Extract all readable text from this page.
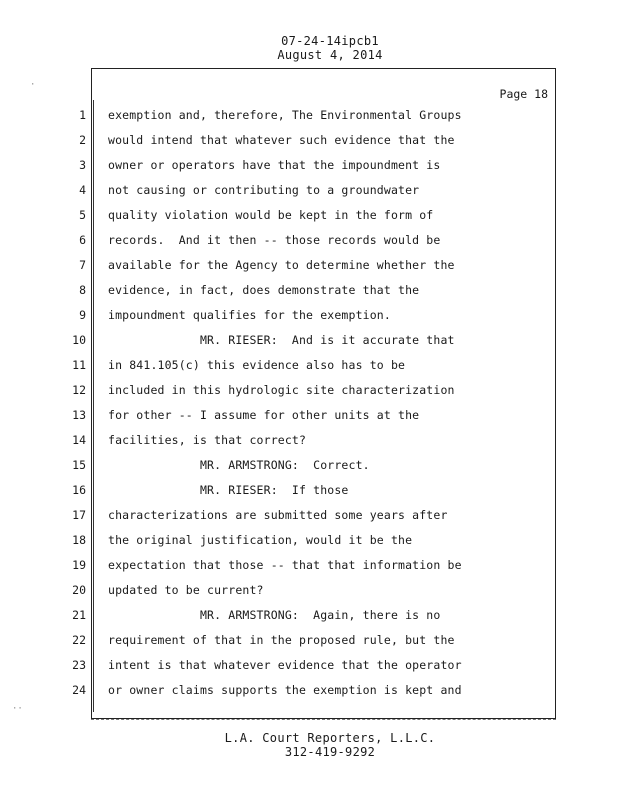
07-24-14ipcb1
August 4, 2014
Page 18
1 exemption and, therefore, The Environmental Groups
2 would intend that whatever such evidence that the
3 owner or operators have that the impoundment is
4 not causing or contributing to a groundwater
5 quality violation would be kept in the form of
6 records.  And it then -- those records would be
7 available for the Agency to determine whether the
8 evidence, in fact, does demonstrate that the
9 impoundment qualifies for the exemption.
10 MR. RIESER:  And is it accurate that
11 in 841.105(c) this evidence also has to be
12 included in this hydrologic site characterization
13 for other -- I assume for other units at the
14 facilities, is that correct?
15 MR. ARMSTRONG:  Correct.
16 MR. RIESER:  If those
17 characterizations are submitted some years after
18 the original justification, would it be the
19 expectation that those -- that that information be
20 updated to be current?
21 MR. ARMSTRONG:  Again, there is no
22 requirement of that in the proposed rule, but the
23 intent is that whatever evidence that the operator
24 or owner claims supports the exemption is kept and
L.A. Court Reporters, L.L.C.
312-419-9292
·
··
